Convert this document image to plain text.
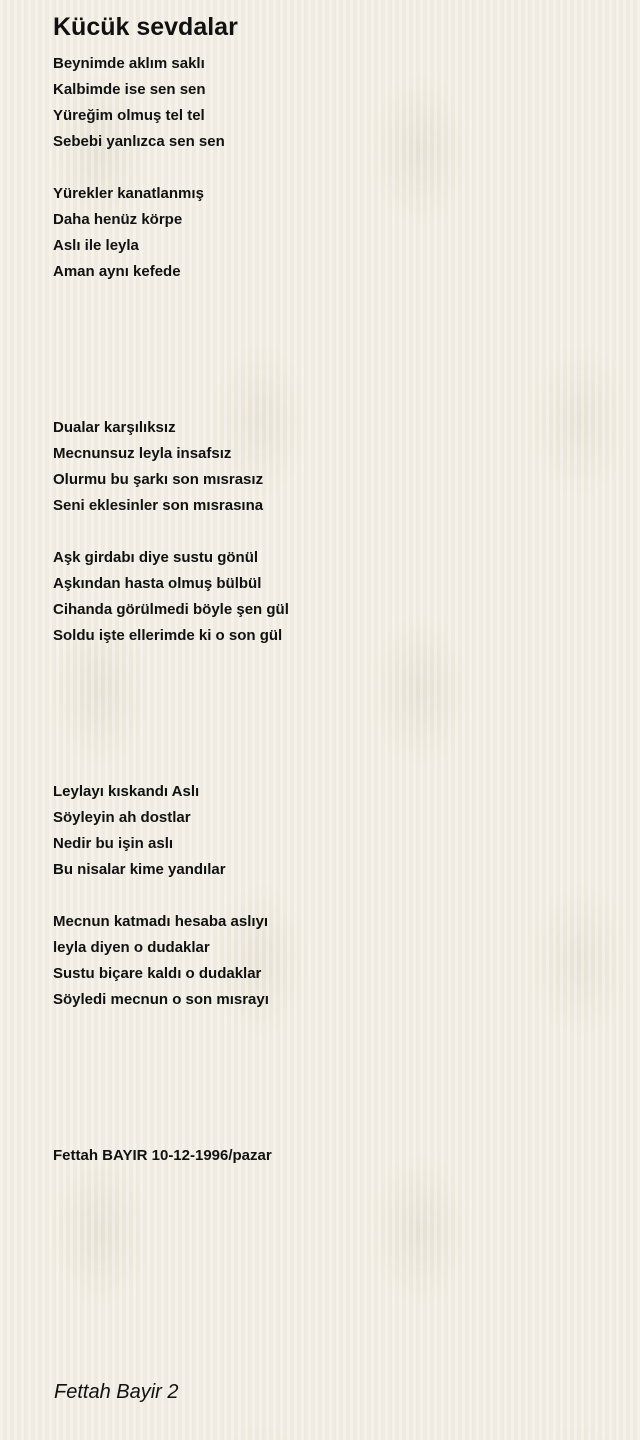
Kücük sevdalar
Beynimde aklım saklı
Kalbimde ise sen sen
Yüreğim olmuş tel tel
Sebebi yanlızca sen sen
Yürekler kanatlanmış
Daha henüz körpe
Aslı ile leyla
Aman aynı kefede
Dualar karşılıksız
Mecnunsuz leyla insafsız
Olurmu bu şarkı son mısrasız
Seni eklesinler son mısrasına
Aşk girdabı diye sustu gönül
Aşkından hasta olmuş bülbül
Cihanda görülmedi böyle şen gül
Soldu işte ellerimde ki o son gül
Leylayı kıskandı Aslı
Söyleyin ah dostlar
Nedir bu işin aslı
Bu nisalar kime yandılar
Mecnun katmadı hesaba aslıyı
leyla diyen o dudaklar
Sustu biçare kaldı o dudaklar
Söyledi mecnun o son mısrayı
Fettah BAYIR 10-12-1996/pazar
Fettah Bayir 2
